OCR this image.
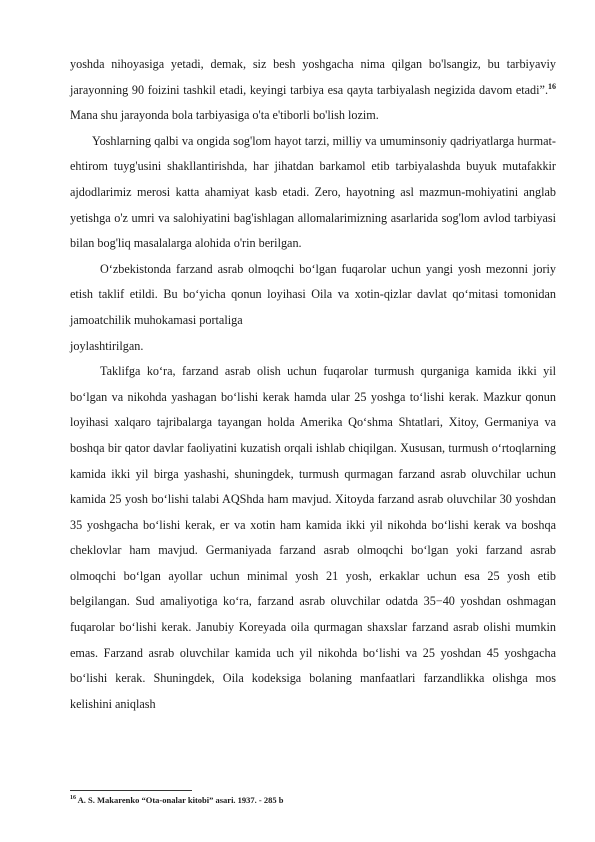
yoshda nihoyasiga yetadi, demak, siz besh yoshgacha nima qilgan bo'lsangiz, bu tarbiyaviy jarayonning 90 foizini tashkil etadi, keyingi tarbiya esa qayta tarbiyalash negizida davom etadi”.$^{16}$ Mana shu jarayonda bola tarbiyasiga o'ta e'tiborli bo'lish lozim.

Yoshlarning qalbi va ongida sog'lom hayot tarzi, milliy va umuminsoniy qadriyatlarga hurmat-ehtirom tuyg'usini shakllantirishda, har jihatdan barkamol etib tarbiyalashda buyuk mutafakkir ajdodlarimiz merosi katta ahamiyat kasb etadi. Zero, hayotning asl mazmun-mohiyatini anglab yetishga o'z umri va salohiyatini bag'ishlagan allomalarimizning asarlarida sog'lom avlod tarbiyasi bilan bog'liq masalalarga alohida o'rin berilgan.

O‘zbekistonda farzand asrab olmoqchi bo‘lgan fuqarolar uchun yangi yosh mezonni joriy etish taklif etildi. Bu bo‘yicha qonun loyihasi Oila va xotin-qizlar davlat qo‘mitasi tomonidan jamoatchilik muhokamasi portaliga

joylashtirilgan.

Taklifga ko‘ra, farzand asrab olish uchun fuqarolar turmush qurganiga kamida ikki yil bo‘lgan va nikohda yashagan bo‘lishi kerak hamda ular 25 yoshga to‘lishi kerak. Mazkur qonun loyihasi xalqaro tajribalarga tayangan holda Amerika Qo‘shma Shtatlari, Xitoy, Germaniya va boshqa bir qator davlar faoliyatini kuzatish orqali ishlab chiqilgan. Xususan, turmush o‘rtoqlarning kamida ikki yil birga yashashi, shuningdek, turmush qurmagan farzand asrab oluvchilar uchun kamida 25 yosh bo‘lishi talabi AQShda ham mavjud. Xitoyda farzand asrab oluvchilar 30 yoshdan 35 yoshgacha bo‘lishi kerak, er va xotin ham kamida ikki yil nikohda bo‘lishi kerak va boshqa cheklovlar ham mavjud. Germaniyada farzand asrab olmoqchi bo‘lgan yoki farzand asrab olmoqchi bo‘lgan ayollar uchun minimal yosh 21 yosh, erkaklar uchun esa 25 yosh etib belgilangan. Sud amaliyotiga ko‘ra, farzand asrab oluvchilar odatda 35−40 yoshdan oshmagan fuqarolar bo‘lishi kerak. Janubiy Koreyada oila qurmagan shaxslar farzand asrab olishi mumkin emas. Farzand asrab oluvchilar kamida uch yil nikohda bo‘lishi va 25 yoshdan 45 yoshgacha bo‘lishi kerak. Shuningdek, Oila kodeksiga bolaning manfaatlari farzandlikka olishga mos kelishini aniqlash

$^{16}$ A. S. Makarenko “Ota-onalar kitobi” asari. 1937. - 285 b
